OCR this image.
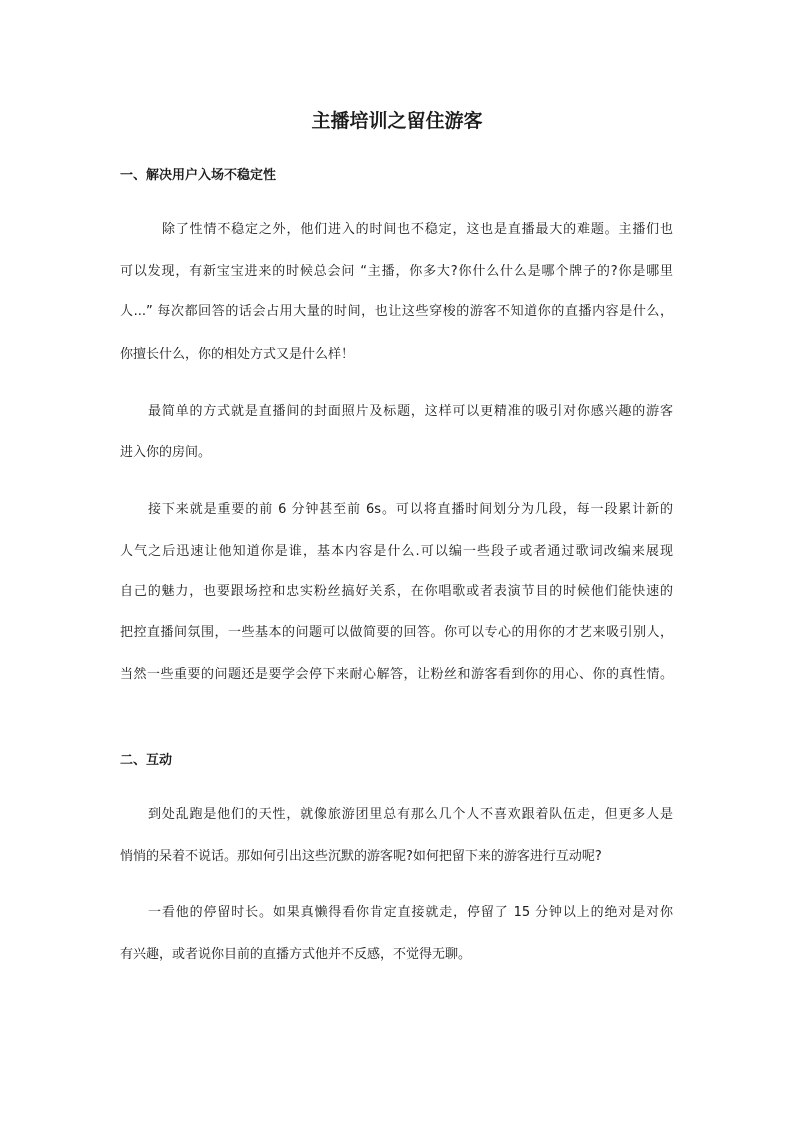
主播培训之留住游客
一、解决用户入场不稳定性
除了性情不稳定之外，他们进入的时间也不稳定，这也是直播最大的难题。主播们也
可以发现，有新宝宝进来的时候总会问 “主播，你多大?你什么什么是哪个牌子的?你是哪里
人...” 每次都回答的话会占用大量的时间，也让这些穿梭的游客不知道你的直播内容是什么，
你擅长什么，你的相处方式又是什么样！
最简单的方式就是直播间的封面照片及标题，这样可以更精准的吸引对你感兴趣的游客
进入你的房间。
接下来就是重要的前 6 分钟甚至前 6s。可以将直播时间划分为几段，每一段累计新的
人气之后迅速让他知道你是谁，基本内容是什么.可以编一些段子或者通过歌词改编来展现
自己的魅力，也要跟场控和忠实粉丝搞好关系，在你唱歌或者表演节目的时候他们能快速的
把控直播间氛围，一些基本的问题可以做简要的回答。你可以专心的用你的才艺来吸引别人，
当然一些重要的问题还是要学会停下来耐心解答，让粉丝和游客看到你的用心、你的真性情。
二、互动
到处乱跑是他们的天性，就像旅游团里总有那么几个人不喜欢跟着队伍走，但更多人是
悄悄的呆着不说话。那如何引出这些沉默的游客呢?如何把留下来的游客进行互动呢?
一看他的停留时长。如果真懒得看你肯定直接就走，停留了 15 分钟以上的绝对是对你
有兴趣，或者说你目前的直播方式他并不反感，不觉得无聊。
